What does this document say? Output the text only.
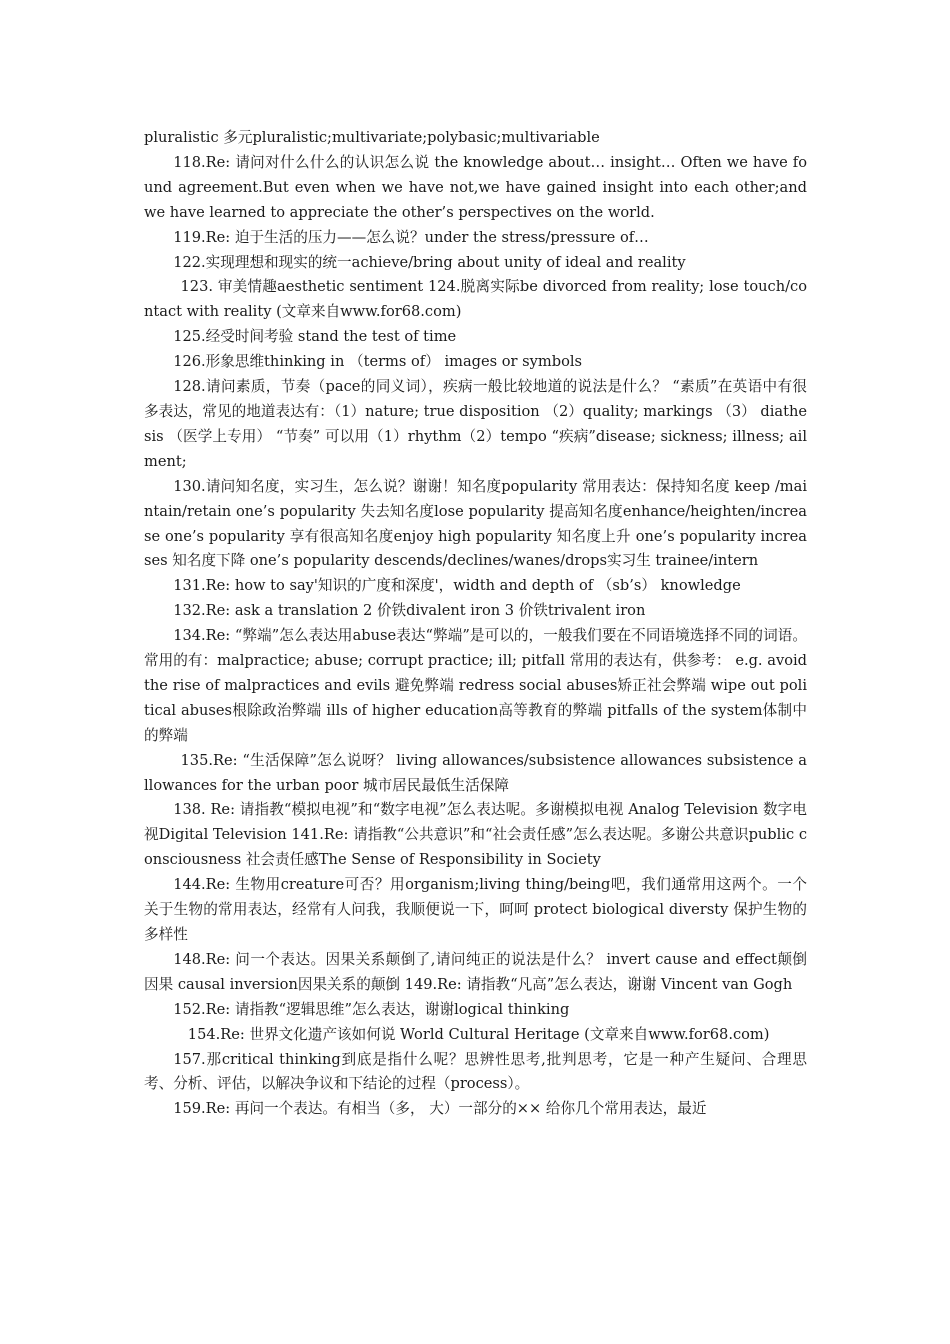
pluralistic 多元pluralistic;multivariate;polybasic;multivariable

118.Re: 请问对什么什么的认识怎么说 the knowledge about… insight… Often we have found agreement.But even when we have not,we have gained insight into each other;and we have learned to appreciate the other’s perspectives on the world.

119.Re: 迫于生活的压力——怎么说？under the stress/pressure of…

122.实现理想和现实的统一achieve/bring about unity of ideal and reality

123. 审美情趣aesthetic sentiment 124.脱离实际be divorced from reality; lose touch/contact with reality (文章来自www.for68.com)

125.经受时间考验 stand the test of time

126.形象思维thinking in （terms of） images or symbols

128.请问素质，节奏（pace的同义词），疾病一般比较地道的说法是什么？ “素质”在英语中有很多表达，常见的地道表达有：（1）nature; true disposition （2）quality; markings （3） diathesis （医学上专用） “节奏” 可以用（1）rhythm（2）tempo “疾病”disease; sickness; illness; ailment;

130.请问知名度，实习生，怎么说？谢谢！知名度popularity 常用表达：保持知名度 keep /maintain/retain one’s popularity 失去知名度lose popularity 提高知名度enhance/heighten/increase one’s popularity 享有很高知名度enjoy high popularity 知名度上升 one’s popularity increases 知名度下降 one’s popularity descends/declines/wanes/drops实习生 trainee/intern

131.Re: how to say'知识的广度和深度'，width and depth of （sb’s） knowledge

132.Re: ask a translation 2 价铁divalent iron 3 价铁trivalent iron

134.Re: “弊端”怎么表达用abuse表达“弊端”是可以的，一般我们要在不同语境选择不同的词语。常用的有：malpractice; abuse; corrupt practice; ill; pitfall 常用的表达有，供参考： e.g. avoid the rise of malpractices and evils 避免弊端 redress social abuses矫正社会弊端 wipe out political abuses根除政治弊端 ills of higher education高等教育的弊端 pitfalls of the system体制中的弊端

135.Re: “生活保障”怎么说呀？ living allowances/subsistence allowances subsistence allowances for the urban poor 城市居民最低生活保障

138. Re: 请指教“模拟电视”和“数字电视”怎么表达呢。多谢模拟电视 Analog Television 数字电视Digital Television 141.Re: 请指教“公共意识”和“社会责任感”怎么表达呢。多谢公共意识public consciousness 社会责任感The Sense of Responsibility in Society

144.Re: 生物用creature可否？用organism;living thing/being吧，我们通常用这两个。一个关于生物的常用表达，经常有人问我，我顺便说一下，呵呵 protect biological diversty 保护生物的多样性

148.Re: 问一个表达。因果关系颠倒了,请问纯正的说法是什么？ invert cause and effect颠倒因果 causal inversion因果关系的颠倒 149.Re: 请指教“凡高”怎么表达，谢谢 Vincent van Gogh

152.Re: 请指教“逻辑思维”怎么表达，谢谢logical thinking

154.Re: 世界文化遗产该如何说 World Cultural Heritage (文章来自www.for68.com)

157.那critical thinking到底是指什么呢？思辨性思考,批判思考，它是一种产生疑问、合理思考、分析、评估，以解决争议和下结论的过程（process）。

159.Re: 再问一个表达。有相当（多， 大）一部分的×× 给你几个常用表达，最近
